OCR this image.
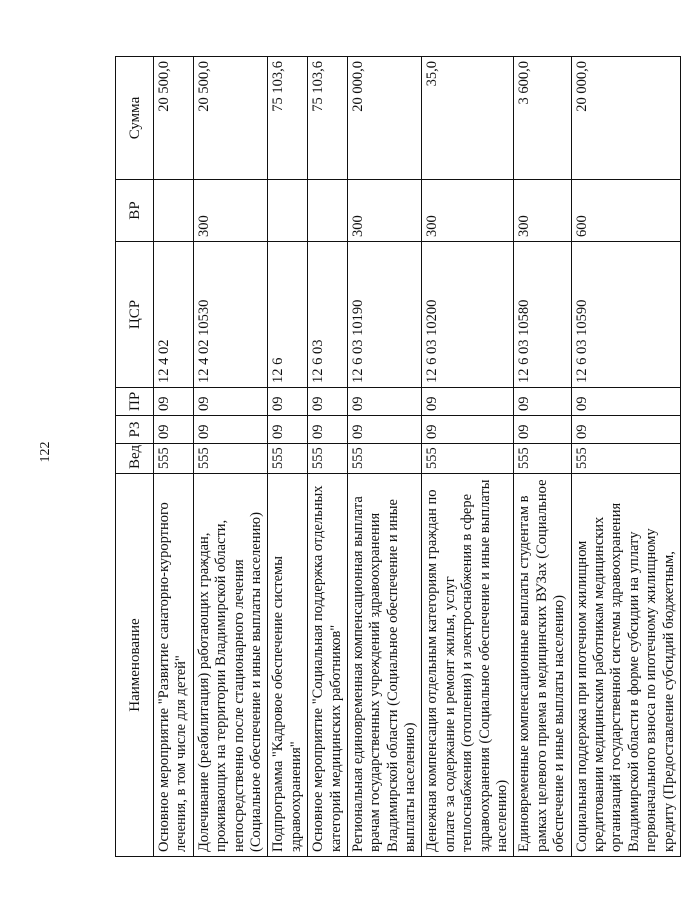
122
Наименование	Вед	РЗ	ПР	ЦСР	ВР	Сумма
Основное мероприятие "Развитие санаторно-курортного лечения, в том числе для детей"	555	09	09	12 4 02		20 500,0
Долечивание (реабилитация) работающих граждан, проживающих на территории Владимирской области, непосредственно после стационарного лечения (Социальное обеспечение и иные выплаты населению)	555	09	09	12 4 02 10530	300	20 500,0
Подпрограмма "Кадровое обеспечение системы здравоохранения"	555	09	09	12 6		75 103,6
Основное мероприятие "Социальная поддержка отдельных категорий медицинских работников"	555	09	09	12 6 03		75 103,6
Региональная единовременная компенсационная выплата врачам государственных учреждений здравоохранения Владимирской области (Социальное обеспечение и иные выплаты населению)	555	09	09	12 6 03 10190	300	20 000,0
Денежная компенсация отдельным категориям граждан по оплате за содержание и ремонт жилья, услуг теплоснабжения (отопления) и электроснабжения в сфере здравоохранения (Социальное обеспечение и иные выплаты населению)	555	09	09	12 6 03 10200	300	35,0
Единовременные компенсационные выплаты студентам в рамках целевого приема в медицинских ВУЗах (Социальное обеспечение и иные выплаты населению)	555	09	09	12 6 03 10580	300	3 600,0
Социальная поддержка при ипотечном жилищном кредитовании медицинским работникам медицинских организаций государственной системы здравоохранения Владимирской области в форме субсидии на уплату первоначального взноса по ипотечному жилищному кредиту (Предоставление субсидий бюджетным,	555	09	09	12 6 03 10590	600	20 000,0
